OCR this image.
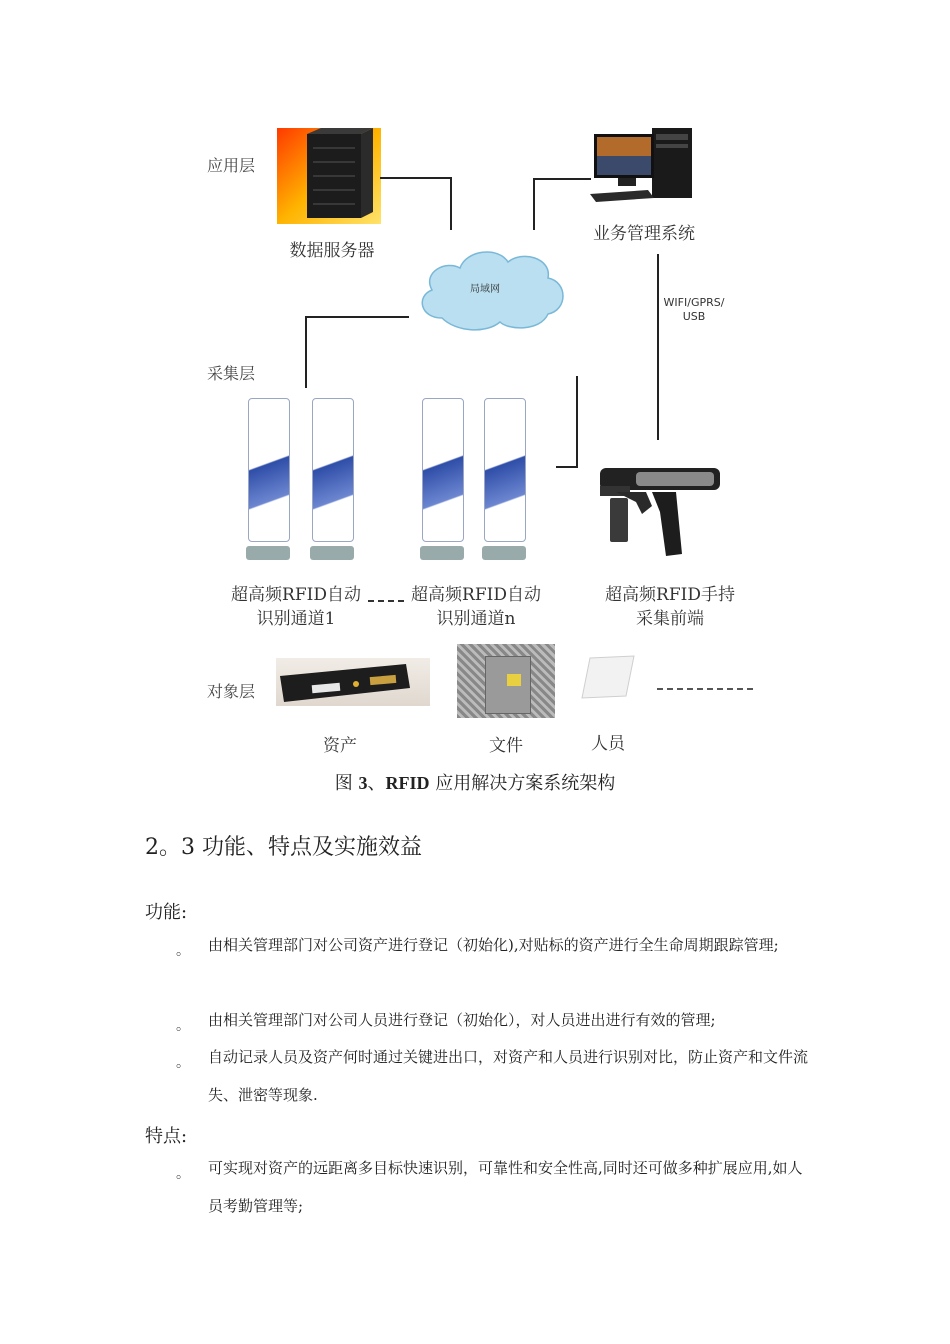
应用层
采集层
对象层
数据服务器
业务管理系统
局域网
WIFI/GPRS/
USB
超高频RFID自动
识别通道1
超高频RFID自动
识别通道n
超高频RFID手持
采集前端
资产	文件	人员
图 3、RFID 应用解决方案系统架构
2。3 功能、特点及实施效益
功能:
。 由相关管理部门对公司资产进行登记（初始化),对贴标的资产进行全生命周期跟踪管理;
。 由相关管理部门对公司人员进行登记（初始化），对人员进出进行有效的管理;
。 自动记录人员及资产何时通过关键进出口，对资产和人员进行识别对比，防止资产和文件流失、泄密等现象.
特点:
。 可实现对资产的远距离多目标快速识别，可靠性和安全性高,同时还可做多种扩展应用,如人员考勤管理等;
